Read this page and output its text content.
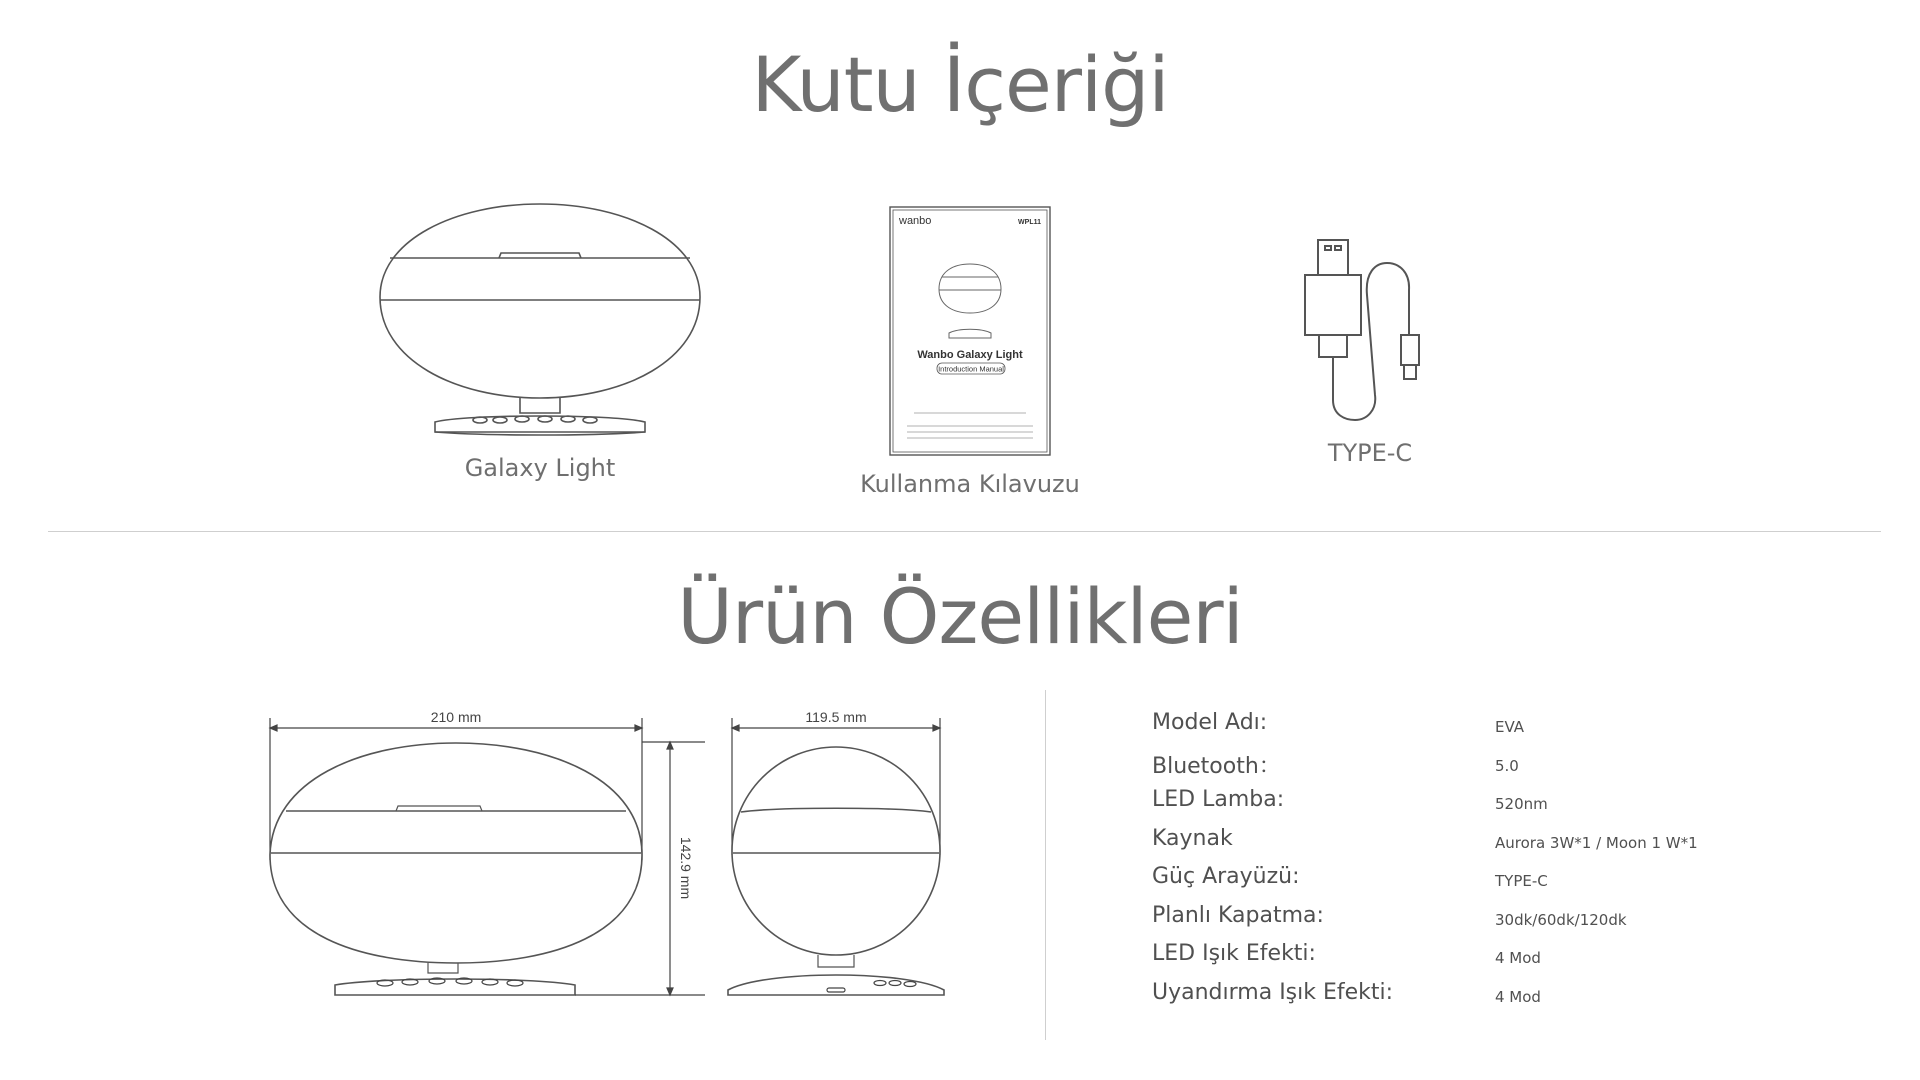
Kutu İçeriği
Galaxy Light
wanbo	WPL11
Wanbo Galaxy Light
Introduction Manual
Kullanma Kılavuzu
TYPE-C
Ürün Özellikleri
210 mm
142.9 mm
119.5 mm	Model Adı:	EVA
Bluetooth：	5.0
LED Lamba:	520nm
Kaynak	Aurora 3W*1 / Moon 1 W*1
Güç Arayüzü:	TYPE-C
Planlı Kapatma:	30dk/60dk/120dk
LED Işık Efekti:	4 Mod
Uyandırma Işık Efekti:	4 Mod
